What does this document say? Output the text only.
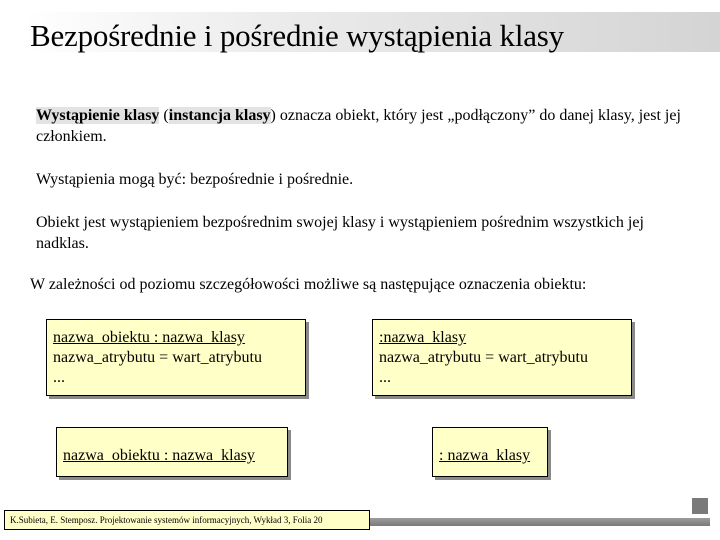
Bezpośrednie i pośrednie wystąpienia klasy

Wystąpienie klasy (instancja klasy) oznacza obiekt, który jest „podłączony” do danej klasy, jest jej członkiem.

Wystąpienia mogą być: bezpośrednie i pośrednie.

Obiekt jest wystąpieniem bezpośrednim swojej klasy i wystąpieniem pośrednim wszystkich jej nadklas.

W zależności od poziomu szczegółowości możliwe są następujące oznaczenia obiektu:

nazwa_obiektu : nazwa_klasy
nazwa_atrybutu = wart_atrybutu
...
:nazwa_klasy
nazwa_atrybutu = wart_atrybutu
...
nazwa_obiektu : nazwa_klasy	: nazwa_klasy
K.Subieta, E. Stemposz. Projektowanie systemów informacyjnych, Wykład 3, Folia 20
